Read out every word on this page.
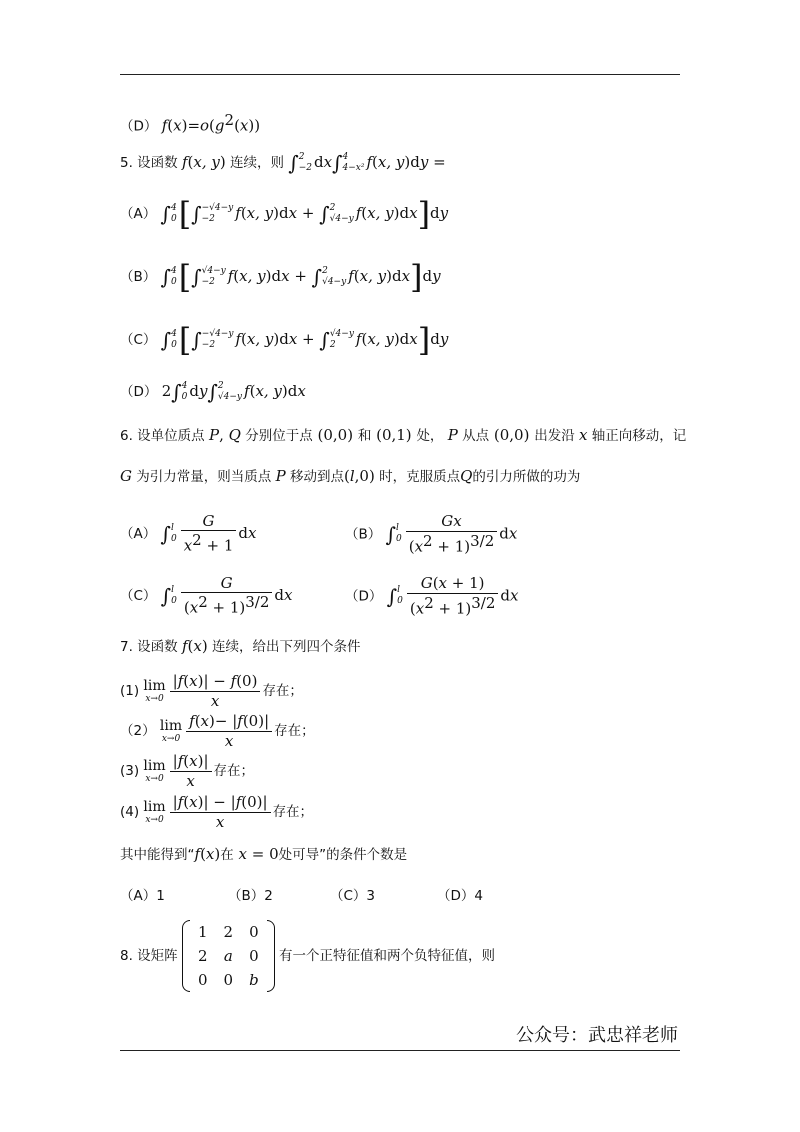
（D） $f(x)=o(g^2(x))$
5. 设函数 f(x, y) 连续，则 ∫ 2
−2 dx∫ 4
4−x² f(x, y)dy =
（A） ∫ 4
0 [∫ −√4−y
−2	f(x, y)dx + ∫ 2
√4−y f(x, y)dx]dy
（B） ∫ 4
0 [∫ √4−y
−2 f(x, y)dx + ∫ 2
√4−y f(x, y)dx]dy
（C） ∫ 4
0 [∫ −√4−y
−2	f(x, y)dx + ∫ √4−y
2	f(x, y)dx]dy
（D） 2∫ 4
0 dy∫ 2
√4−y f(x, y)dx
6. 设单位质点 P, Q 分别位于点 (0,0) 和 (0,1) 处， P 从点 (0,0) 出发沿 x 轴正向移动，记
G 为引力常量，则当质点 P 移动到点(l,0) 时，克服质点Q的引力所做的功为
（A） ∫ l
$0 \frac{G}{x^2 + 1}$ dx	（B） ∫ l
$0 \frac{Gx}{(x^2 + 1)^{3/2}}$ dx
（C） ∫ l
$0 \frac{G}{(x^2 + 1)^{3/2}}$ dx	（D） ∫ l
$0 \frac{G(x + 1)}{(x^2 + 1)^{3/2}}$ dx
7. 设函数 f(x) 连续，给出下列四个条件
(1) lim
$x\to 0 \frac{|f(x)| - f(0)}{x}$ 存在；
（2） lim
$x\to 0 \frac{f(x)- |f(0)|}{x}$ 存在；
(3) lim
$x\to 0 \frac{|f(x)|}{x}$ 存在；
(4) lim
$x\to 0 \frac{|f(x)| - |f(0)|}{x}$ 存在；
其中能得到“f(x)在 x = 0处可导”的条件个数是
（A）1	（B）2	（C）3	（D）4
8. 设矩阵
1	2	0
2	a	0
0	0	b
有一个正特征值和两个负特征值，则
公众号：武忠祥老师
